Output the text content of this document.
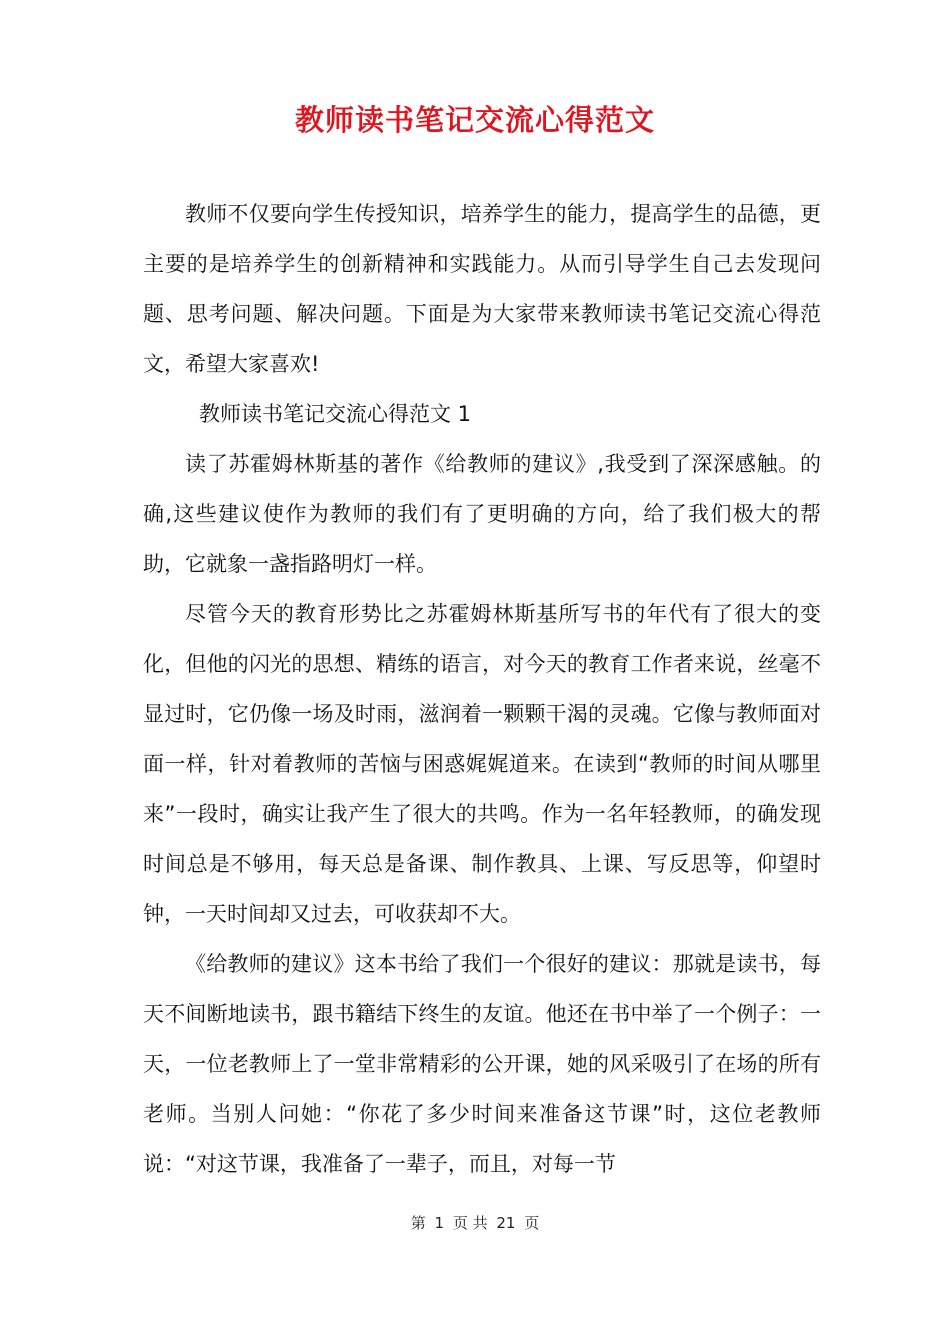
教师读书笔记交流心得范文

教师不仅要向学生传授知识，培养学生的能力，提高学生的品德，更主要的是培养学生的创新精神和实践能力。从而引导学生自己去发现问题、思考问题、解决问题。下面是为大家带来教师读书笔记交流心得范文，希望大家喜欢!

教师读书笔记交流心得范文 1

读了苏霍姆林斯基的著作《给教师的建议》,我受到了深深感触。的确,这些建议使作为教师的我们有了更明确的方向，给了我们极大的帮助，它就象一盏指路明灯一样。

尽管今天的教育形势比之苏霍姆林斯基所写书的年代有了很大的变化，但他的闪光的思想、精练的语言，对今天的教育工作者来说，丝毫不显过时，它仍像一场及时雨，滋润着一颗颗干渴的灵魂。它像与教师面对面一样，针对着教师的苦恼与困惑娓娓道来。在读到“教师的时间从哪里来”一段时，确实让我产生了很大的共鸣。作为一名年轻教师，的确发现时间总是不够用，每天总是备课、制作教具、上课、写反思等，仰望时钟，一天时间却又过去，可收获却不大。

《给教师的建议》这本书给了我们一个很好的建议：那就是读书，每天不间断地读书，跟书籍结下终生的友谊。他还在书中举了一个例子：一天，一位老教师上了一堂非常精彩的公开课，她的风采吸引了在场的所有老师。当别人问她：“你花了多少时间来准备这节课”时，这位老教师说：“对这节课，我准备了一辈子，而且，对每一节

第 1 页 共 21 页
